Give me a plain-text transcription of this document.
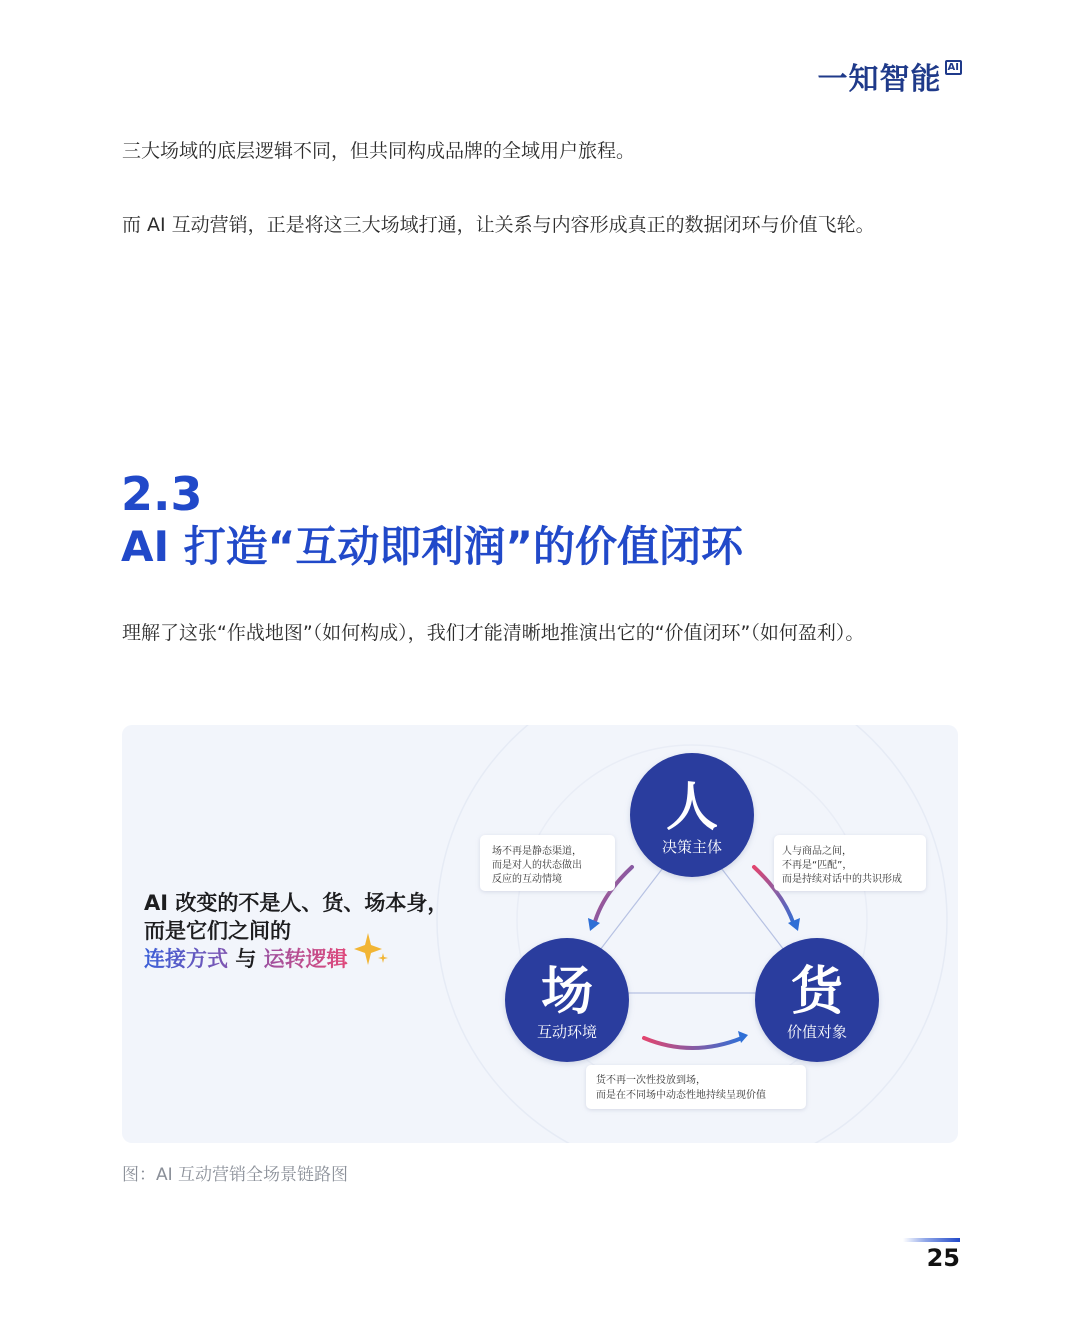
一知智能 AI
三大场域的底层逻辑不同，但共同构成品牌的全域用户旅程。
而 AI 互动营销，正是将这三大场域打通，让关系与内容形成真正的数据闭环与价值飞轮。
2.3
AI 打造“互动即利润”的价值闭环
理解了这张“作战地图”（如何构成），我们才能清晰地推演出它的“价值闭环”（如何盈利）。
人
决策主体
场
互动环境
货
价值对象
场不再是静态渠道，
而是对人的状态做出
反应的互动情境
人与商品之间，
不再是“匹配”，
而是持续对话中的共识形成
货不再一次性投放到场，
而是在不同场中动态性地持续呈现价值
AI 改变的不是人、货、场本身，
而是它们之间的
连接方式 与 运转逻辑
图：AI 互动营销全场景链路图
25
